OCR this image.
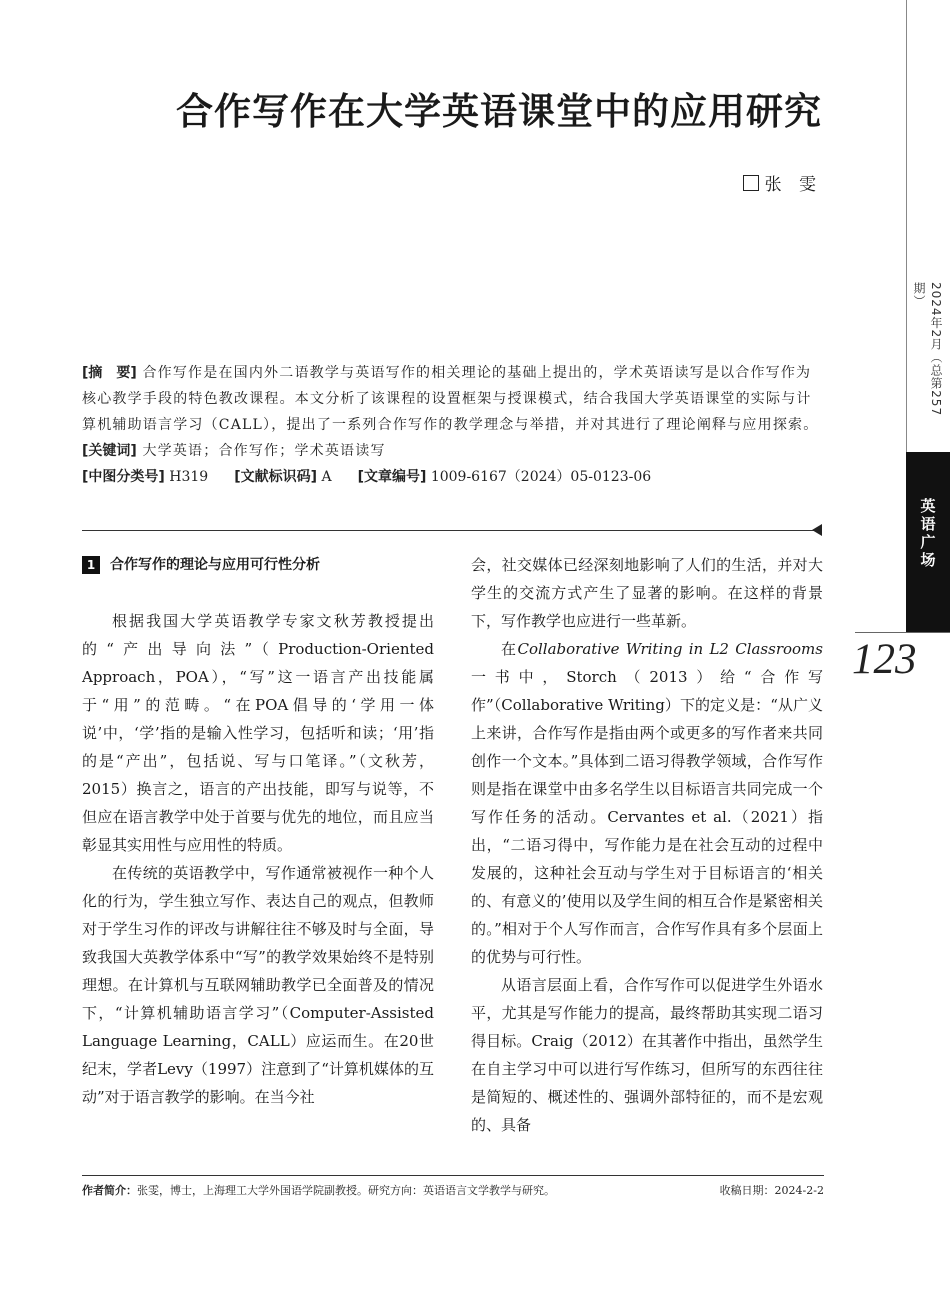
合作写作在大学英语课堂中的应用研究
张 雯
2024年2月（总第257期）
英语广场
123

[摘　要] 合作写作是在国内外二语教学与英语写作的相关理论的基础上提出的，学术英语读写是以合作写作为核心教学手段的特色教改课程。本文分析了该课程的设置框架与授课模式，结合我国大学英语课堂的实际与计算机辅助语言学习（CALL），提出了一系列合作写作的教学理念与举措，并对其进行了理论阐释与应用探索。

[关键词] 大学英语；合作写作；学术英语读写

[中图分类号] H319 [文献标识码] A [文章编号] 1009-6167（2024）05-0123-06

1	合作写作的理论与应用可行性分析

根据我国大学英语教学专家文秋芳教授提出的“产出导向法”（Production-Oriented Approach，POA），“写”这一语言产出技能属于“用”的范畴。“在POA倡导的‘学用一体说’中，‘学’指的是输入性学习，包括听和读；‘用’指的是“产出”，包括说、写与口笔译。”（文秋芳，2015）换言之，语言的产出技能，即写与说等，不但应在语言教学中处于首要与优先的地位，而且应当彰显其实用性与应用性的特质。

在传统的英语教学中，写作通常被视作一种个人化的行为，学生独立写作、表达自己的观点，但教师对于学生习作的评改与讲解往往不够及时与全面，导致我国大英教学体系中“写”的教学效果始终不是特别理想。在计算机与互联网辅助教学已全面普及的情况下，“计算机辅助语言学习”（Computer-Assisted Language Learning，CALL）应运而生。在20世纪末，学者Levy（1997）注意到了“计算机媒体的互动”对于语言教学的影响。在当今社

会，社交媒体已经深刻地影响了人们的生活，并对大学生的交流方式产生了显著的影响。在这样的背景下，写作教学也应进行一些革新。

在Collaborative Writing in L2 Classrooms一书中，Storch（2013）给“合作写作”（Collaborative Writing）下的定义是：“从广义上来讲，合作写作是指由两个或更多的写作者来共同创作一个文本。”具体到二语习得教学领域，合作写作则是指在课堂中由多名学生以目标语言共同完成一个写作任务的活动。Cervantes et al.（2021）指出，“二语习得中，写作能力是在社会互动的过程中发展的，这种社会互动与学生对于目标语言的‘相关的、有意义的’使用以及学生间的相互合作是紧密相关的。”相对于个人写作而言，合作写作具有多个层面上的优势与可行性。

从语言层面上看，合作写作可以促进学生外语水平，尤其是写作能力的提高，最终帮助其实现二语习得目标。Craig（2012）在其著作中指出，虽然学生在自主学习中可以进行写作练习，但所写的东西往往是简短的、概述性的、强调外部特征的，而不是宏观的、具备

作者简介：张雯，博士，上海理工大学外国语学院副教授。研究方向：英语语言文学教学与研究。	收稿日期：2024-2-2
